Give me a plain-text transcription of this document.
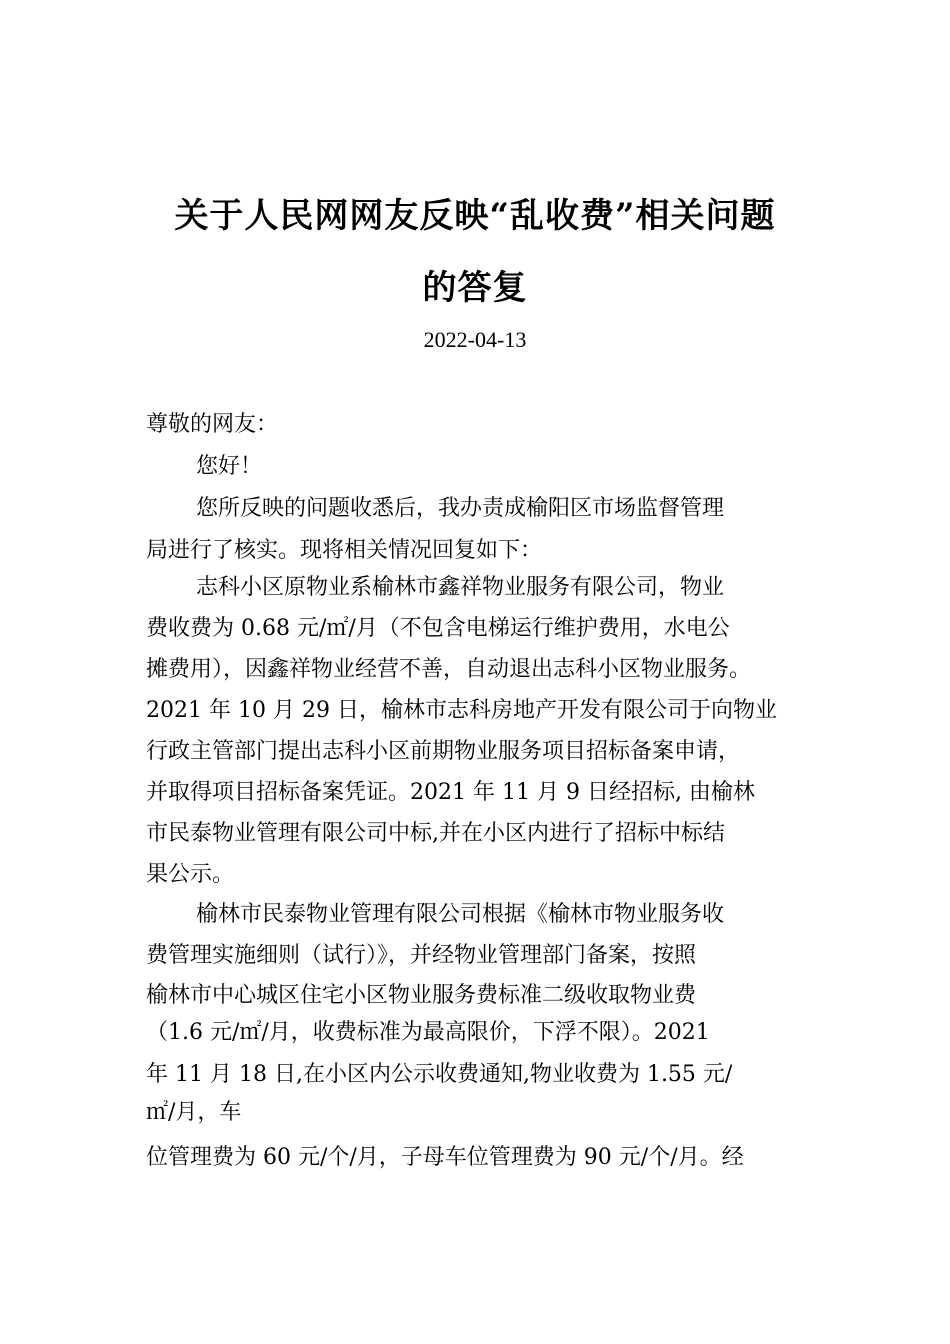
关于人民网网友反映“乱收费”相关问题
的答复

2022-04-13

尊敬的网友：

您好！

您所反映的问题收悉后，我办责成榆阳区市场监督管理

局进行了核实。现将相关情况回复如下：

志科小区原物业系榆林市鑫祥物业服务有限公司，物业

费收费为 0.68 元/㎡/月（不包含电梯运行维护费用，水电公

摊费用），因鑫祥物业经营不善，自动退出志科小区物业服务。

2021 年 10 月 29 日，榆林市志科房地产开发有限公司于向物业

行政主管部门提出志科小区前期物业服务项目招标备案申请，

并取得项目招标备案凭证。2021 年 11 月 9 日经招标, 由榆林

市民泰物业管理有限公司中标,并在小区内进行了招标中标结

果公示。

榆林市民泰物业管理有限公司根据《榆林市物业服务收

费管理实施细则（试行）》，并经物业管理部门备案，按照

榆林市中心城区住宅小区物业服务费标准二级收取物业费

（1.6 元/㎡/月，收费标准为最高限价，下浮不限）。2021

年 11 月 18 日,在小区内公示收费通知,物业收费为 1.55 元/

㎡/月，车

位管理费为 60 元/个/月，子母车位管理费为 90 元/个/月。经
